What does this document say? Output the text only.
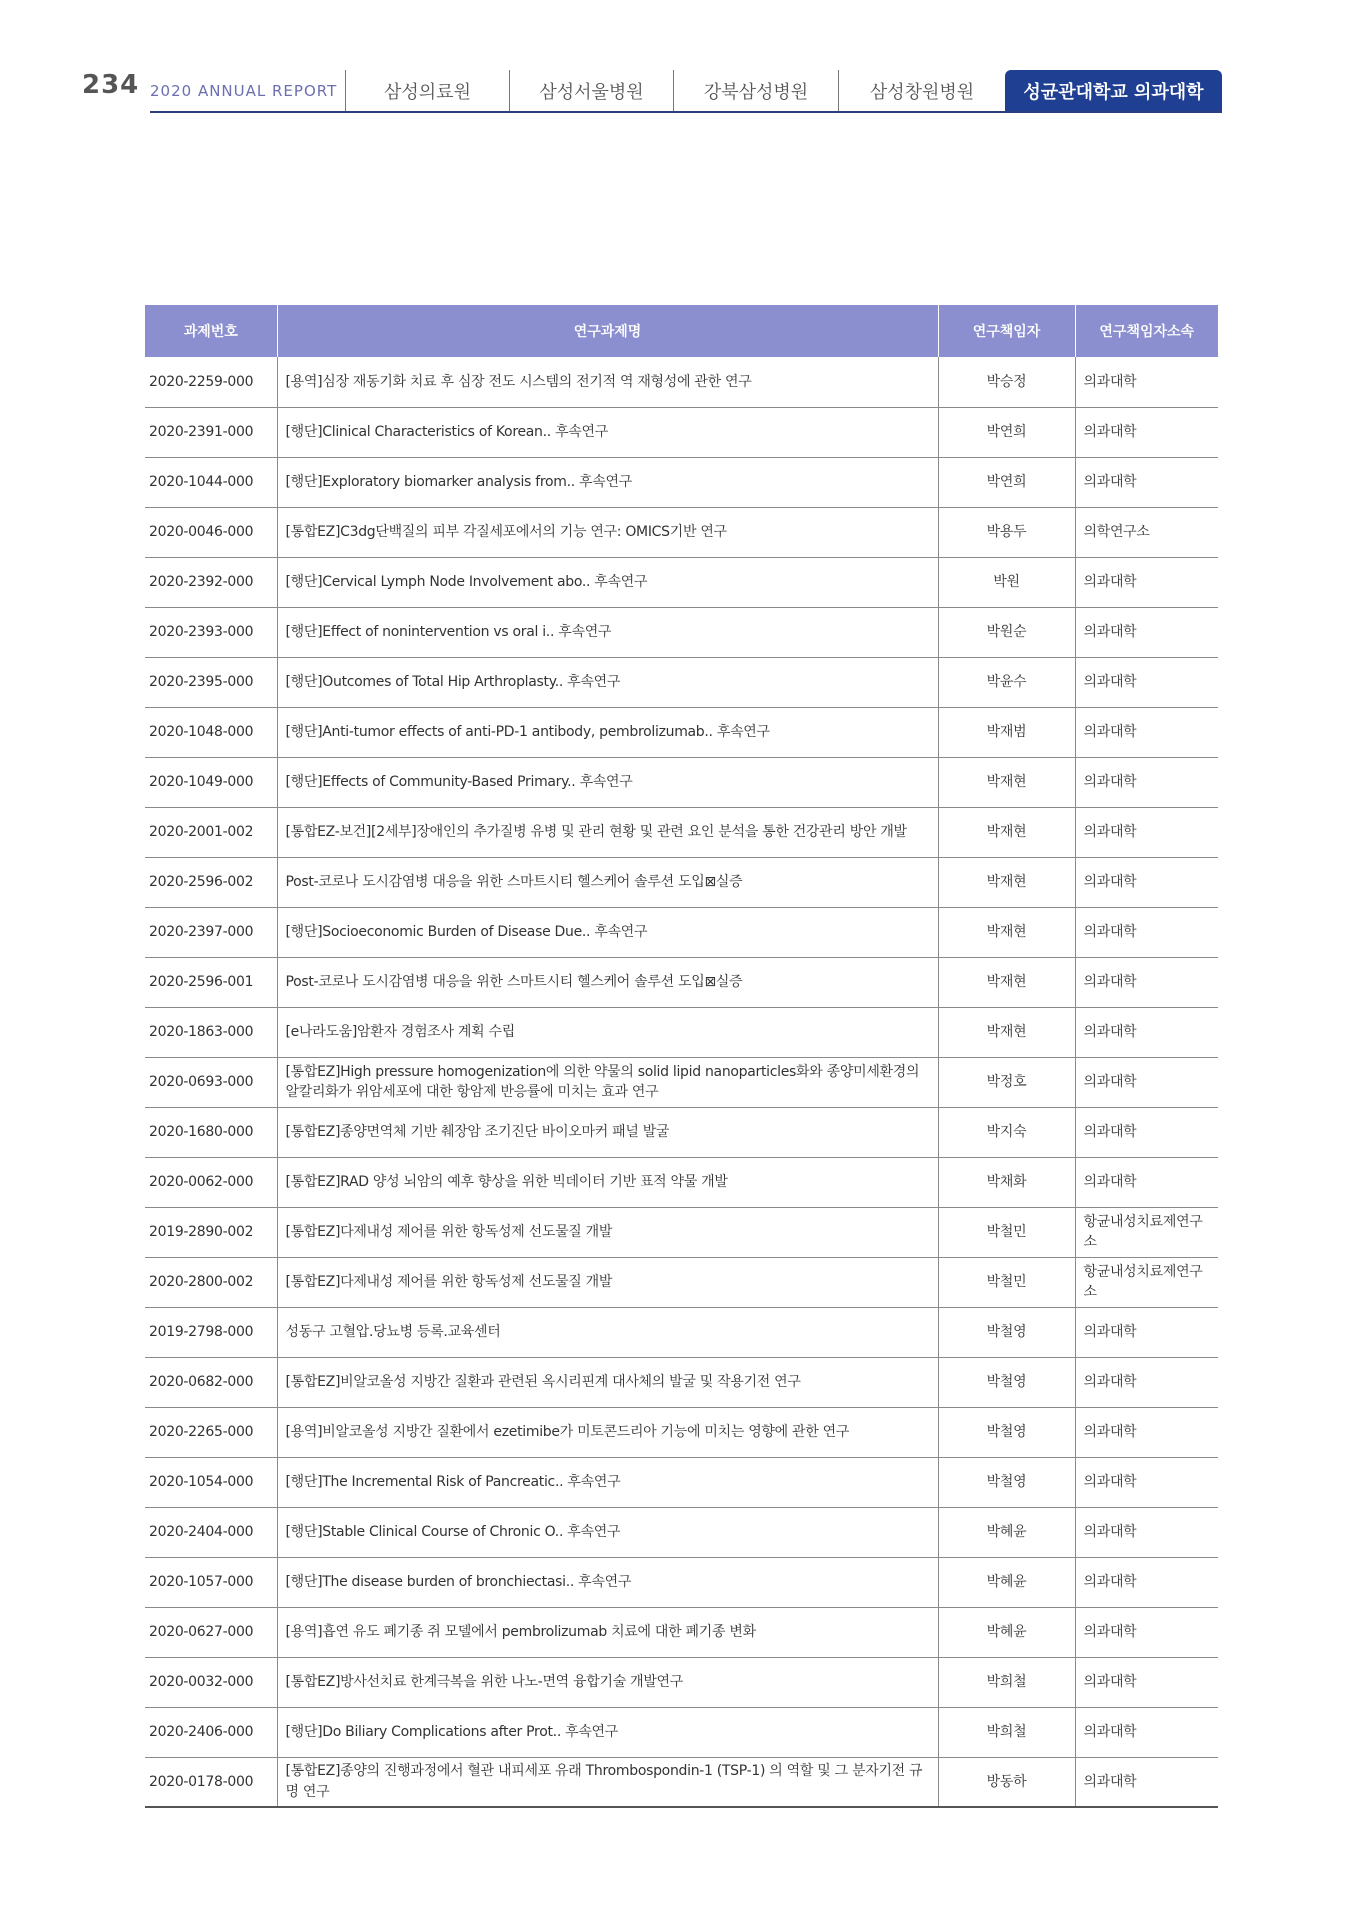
234 2020 ANNUAL REPORT	삼성의료원	삼성서울병원	강북삼성병원	삼성창원병원	성균관대학교 의과대학
과제번호	연구과제명	연구책임자	연구책임자소속
2020-2259-000	[용역]심장 재동기화 치료 후 심장 전도 시스템의 전기적 역 재형성에 관한 연구	박승정	의과대학
2020-2391-000	[행단]Clinical Characteristics of Korean.. 후속연구	박연희	의과대학
2020-1044-000	[행단]Exploratory biomarker analysis from.. 후속연구	박연희	의과대학
2020-0046-000	[통합EZ]C3dg단백질의 피부 각질세포에서의 기능 연구: OMICS기반 연구	박용두	의학연구소
2020-2392-000	[행단]Cervical Lymph Node Involvement abo.. 후속연구	박원	의과대학
2020-2393-000	[행단]Effect of nonintervention vs oral i.. 후속연구	박원순	의과대학
2020-2395-000	[행단]Outcomes of Total Hip Arthroplasty.. 후속연구	박윤수	의과대학
2020-1048-000	[행단]Anti-tumor effects of anti-PD-1 antibody, pembrolizumab.. 후속연구	박재범	의과대학
2020-1049-000	[행단]Effects of Community-Based Primary.. 후속연구	박재현	의과대학
2020-2001-002	[통합EZ-보건][2세부]장애인의 추가질병 유병 및 관리 현황 및 관련 요인 분석을 통한 건강관리 방안 개발	박재현	의과대학
2020-2596-002	Post-코로나 도시감염병 대응을 위한 스마트시티 헬스케어 솔루션 도입⊠실증	박재현	의과대학
2020-2397-000	[행단]Socioeconomic Burden of Disease Due.. 후속연구	박재현	의과대학
2020-2596-001	Post-코로나 도시감염병 대응을 위한 스마트시티 헬스케어 솔루션 도입⊠실증	박재현	의과대학
2020-1863-000	[e나라도움]암환자 경험조사 계획 수립	박재현	의과대학
2020-0693-000	[통합EZ]High pressure homogenization에 의한 약물의 solid lipid nanoparticles화와 종양미세환경의 알칼리화가 위암세포에 대한 항암제 반응률에 미치는 효과 연구	박정호	의과대학
2020-1680-000	[통합EZ]종양면역체 기반 췌장암 조기진단 바이오마커 패널 발굴	박지숙	의과대학
2020-0062-000	[통합EZ]RAD 양성 뇌암의 예후 향상을 위한 빅데이터 기반 표적 약물 개발	박채화	의과대학
2019-2890-002	[통합EZ]다제내성 제어를 위한 항독성제 선도물질 개발	박철민	항균내성치료제연구소
2020-2800-002	[통합EZ]다제내성 제어를 위한 항독성제 선도물질 개발	박철민	항균내성치료제연구소
2019-2798-000	성동구 고혈압.당뇨병 등록.교육센터	박철영	의과대학
2020-0682-000	[통합EZ]비알코올성 지방간 질환과 관련된 옥시리핀계 대사체의 발굴 및 작용기전 연구	박철영	의과대학
2020-2265-000	[용역]비알코올성 지방간 질환에서 ezetimibe가 미토콘드리아 기능에 미치는 영향에 관한 연구	박철영	의과대학
2020-1054-000	[행단]The Incremental Risk of Pancreatic.. 후속연구	박철영	의과대학
2020-2404-000	[행단]Stable Clinical Course of Chronic O.. 후속연구	박혜윤	의과대학
2020-1057-000	[행단]The disease burden of bronchiectasi.. 후속연구	박혜윤	의과대학
2020-0627-000	[용역]흡연 유도 폐기종 쥐 모델에서 pembrolizumab 치료에 대한 폐기종 변화	박혜윤	의과대학
2020-0032-000	[통합EZ]방사선치료 한계극복을 위한 나노-면역 융합기술 개발연구	박희철	의과대학
2020-2406-000	[행단]Do Biliary Complications after Prot.. 후속연구	박희철	의과대학
2020-0178-000	[통합EZ]종양의 진행과정에서 혈관 내피세포 유래 Thrombospondin-1 (TSP-1) 의 역할 및 그 분자기전 규명 연구	방동하	의과대학
